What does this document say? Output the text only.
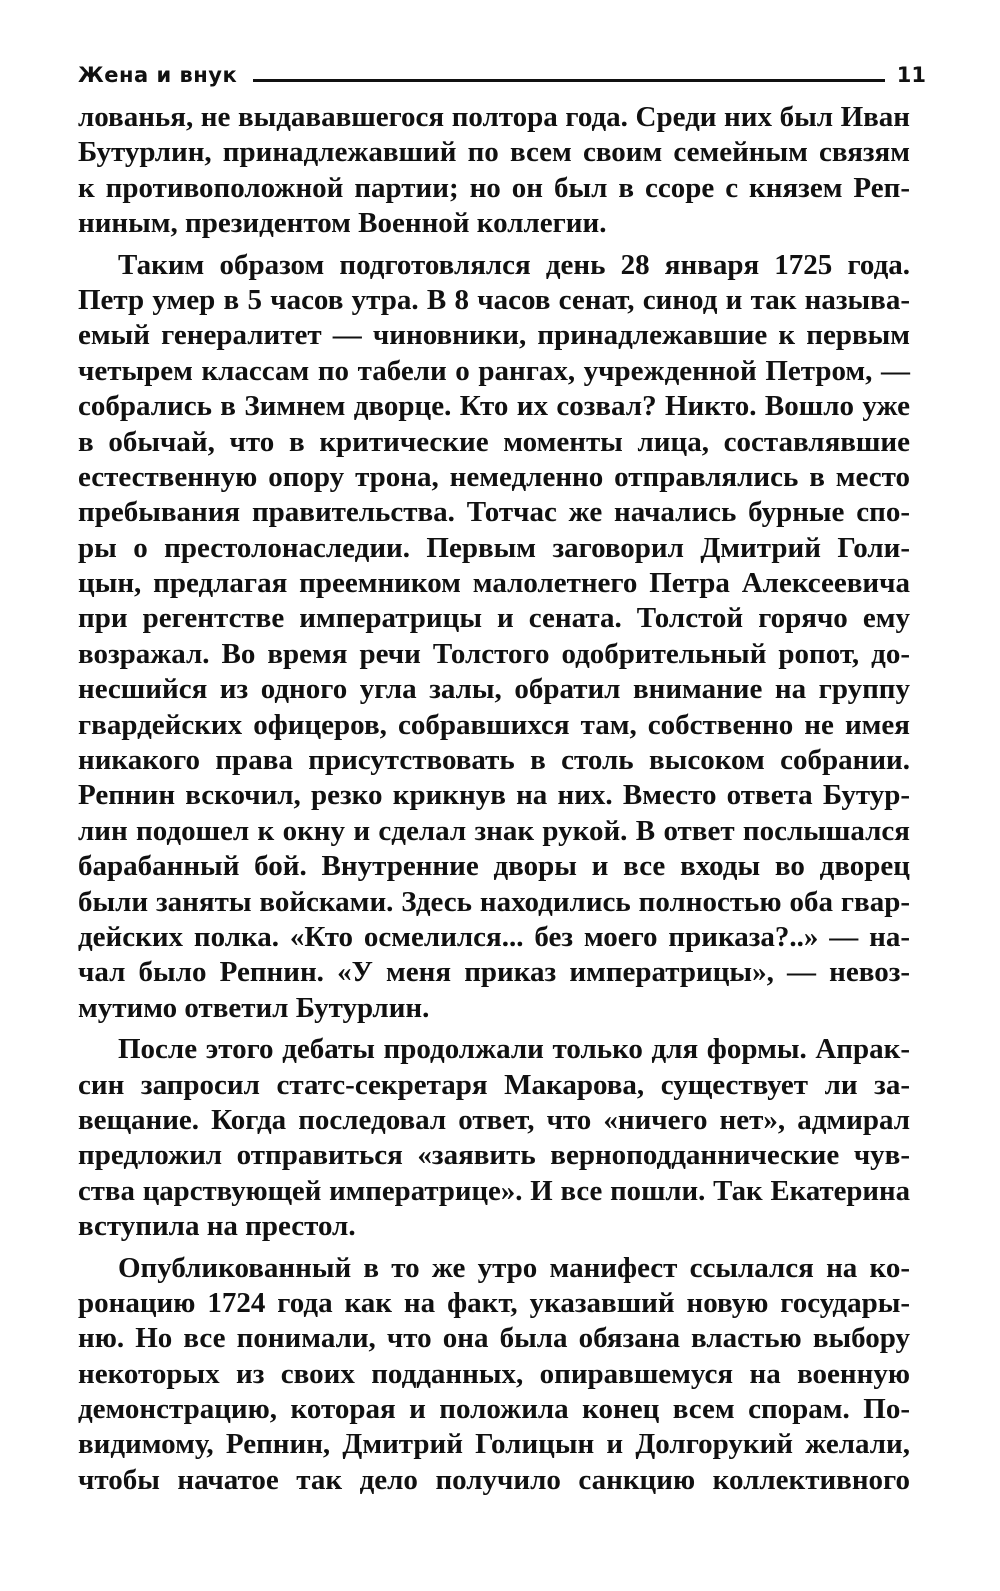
Жена и внук	11
лованья, не выдававшегося полтора года. Среди них был Иван
Бутурлин, принадлежавший по всем своим семейным связям
к противоположной партии; но он был в ссоре с князем Реп-
ниным, президентом Военной коллегии.
Таким образом подготовлялся день 28 января 1725 года.
Петр умер в 5 часов утра. В 8 часов сенат, синод и так называ-
емый генералитет — чиновники, принадлежавшие к первым
четырем классам по табели о рангах, учрежденной Петром, —
собрались в Зимнем дворце. Кто их созвал? Никто. Вошло уже
в обычай, что в критические моменты лица, составлявшие
естественную опору трона, немедленно отправлялись в место
пребывания правительства. Тотчас же начались бурные спо-
ры о престолонаследии. Первым заговорил Дмитрий Голи-
цын, предлагая преемником малолетнего Петра Алексеевича
при регентстве императрицы и сената. Толстой горячо ему
возражал. Во время речи Толстого одобрительный ропот, до-
несшийся из одного угла залы, обратил внимание на группу
гвардейских офицеров, собравшихся там, собственно не имея
никакого права присутствовать в столь высоком собрании.
Репнин вскочил, резко крикнув на них. Вместо ответа Бутур-
лин подошел к окну и сделал знак рукой. В ответ послышался
барабанный бой. Внутренние дворы и все входы во дворец
были заняты войсками. Здесь находились полностью оба гвар-
дейских полка. «Кто осмелился... без моего приказа?..» — на-
чал было Репнин. «У меня приказ императрицы», — невоз-
мутимо ответил Бутурлин.
После этого дебаты продолжали только для формы. Апрак-
син запросил статс-секретаря Макарова, существует ли за-
вещание. Когда последовал ответ, что «ничего нет», адмирал
предложил отправиться «заявить верноподданнические чув-
ства царствующей императрице». И все пошли. Так Екатерина
вступила на престол.
Опубликованный в то же утро манифест ссылался на ко-
ронацию 1724 года как на факт, указавший новую государы-
ню. Но все понимали, что она была обязана властью выбору
некоторых из своих подданных, опиравшемуся на военную
демонстрацию, которая и положила конец всем спорам. По-
видимому, Репнин, Дмитрий Голицын и Долгорукий желали,
чтобы начатое так дело получило санкцию коллективного
